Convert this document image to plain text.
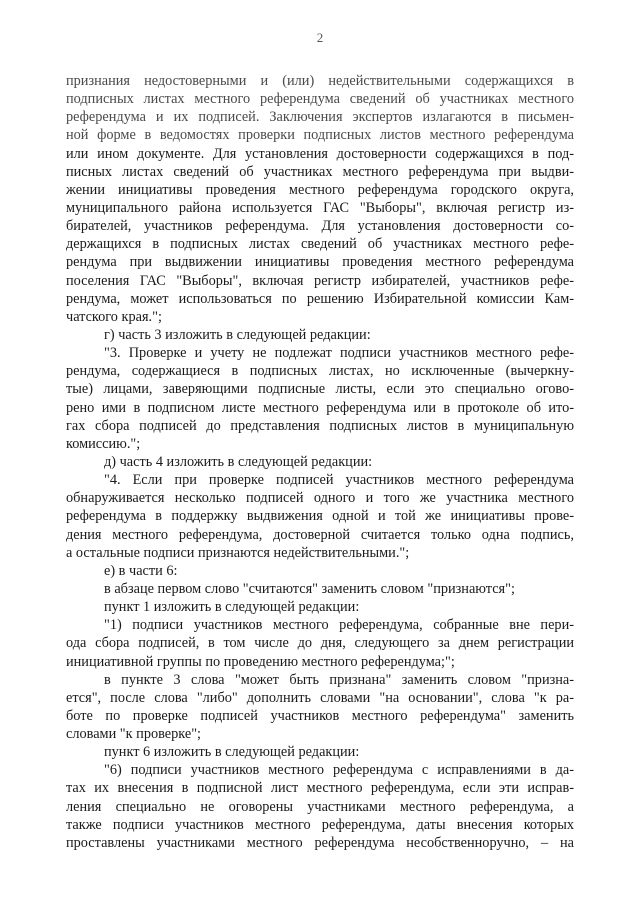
2
признания недостоверными и (или) недействительными содержащихся в
подписных листах местного референдума сведений об участниках местного
референдума и их подписей. Заключения экспертов излагаются в письмен-
ной форме в ведомостях проверки подписных листов местного референдума
или ином документе. Для установления достоверности содержащихся в под-
писных листах сведений об участниках местного референдума при выдви-
жении инициативы проведения местного референдума городского округа,
муниципального района используется ГАС "Выборы", включая регистр из-
бирателей, участников референдума. Для установления достоверности со-
держащихся в подписных листах сведений об участниках местного рефе-
рендума при выдвижении инициативы проведения местного референдума
поселения ГАС "Выборы", включая регистр избирателей, участников рефе-
рендума, может использоваться по решению Избирательной комиссии Кам-
чатского края.";
г) часть 3 изложить в следующей редакции:
"3. Проверке и учету не подлежат подписи участников местного рефе-
рендума, содержащиеся в подписных листах, но исключенные (вычеркну-
тые) лицами, заверяющими подписные листы, если это специально огово-
рено ими в подписном листе местного референдума или в протоколе об ито-
гах сбора подписей до представления подписных листов в муниципальную
комиссию.";
д) часть 4 изложить в следующей редакции:
"4. Если при проверке подписей участников местного референдума
обнаруживается несколько подписей одного и того же участника местного
референдума в поддержку выдвижения одной и той же инициативы прове-
дения местного референдума, достоверной считается только одна подпись,
а остальные подписи признаются недействительными.";
е) в части 6:
в абзаце первом слово "считаются" заменить словом "признаются";
пункт 1 изложить в следующей редакции:
"1) подписи участников местного референдума, собранные вне пери-
ода сбора подписей, в том числе до дня, следующего за днем регистрации
инициативной группы по проведению местного референдума;";
в пункте 3 слова "может быть признана" заменить словом "призна-
ется", после слова "либо" дополнить словами "на основании", слова "к ра-
боте по проверке подписей участников местного референдума" заменить
словами "к проверке";
пункт 6 изложить в следующей редакции:
"6) подписи участников местного референдума с исправлениями в да-
тах их внесения в подписной лист местного референдума, если эти исправ-
ления специально не оговорены участниками местного референдума, а
также подписи участников местного референдума, даты внесения которых
проставлены участниками местного референдума несобственноручно, – на
